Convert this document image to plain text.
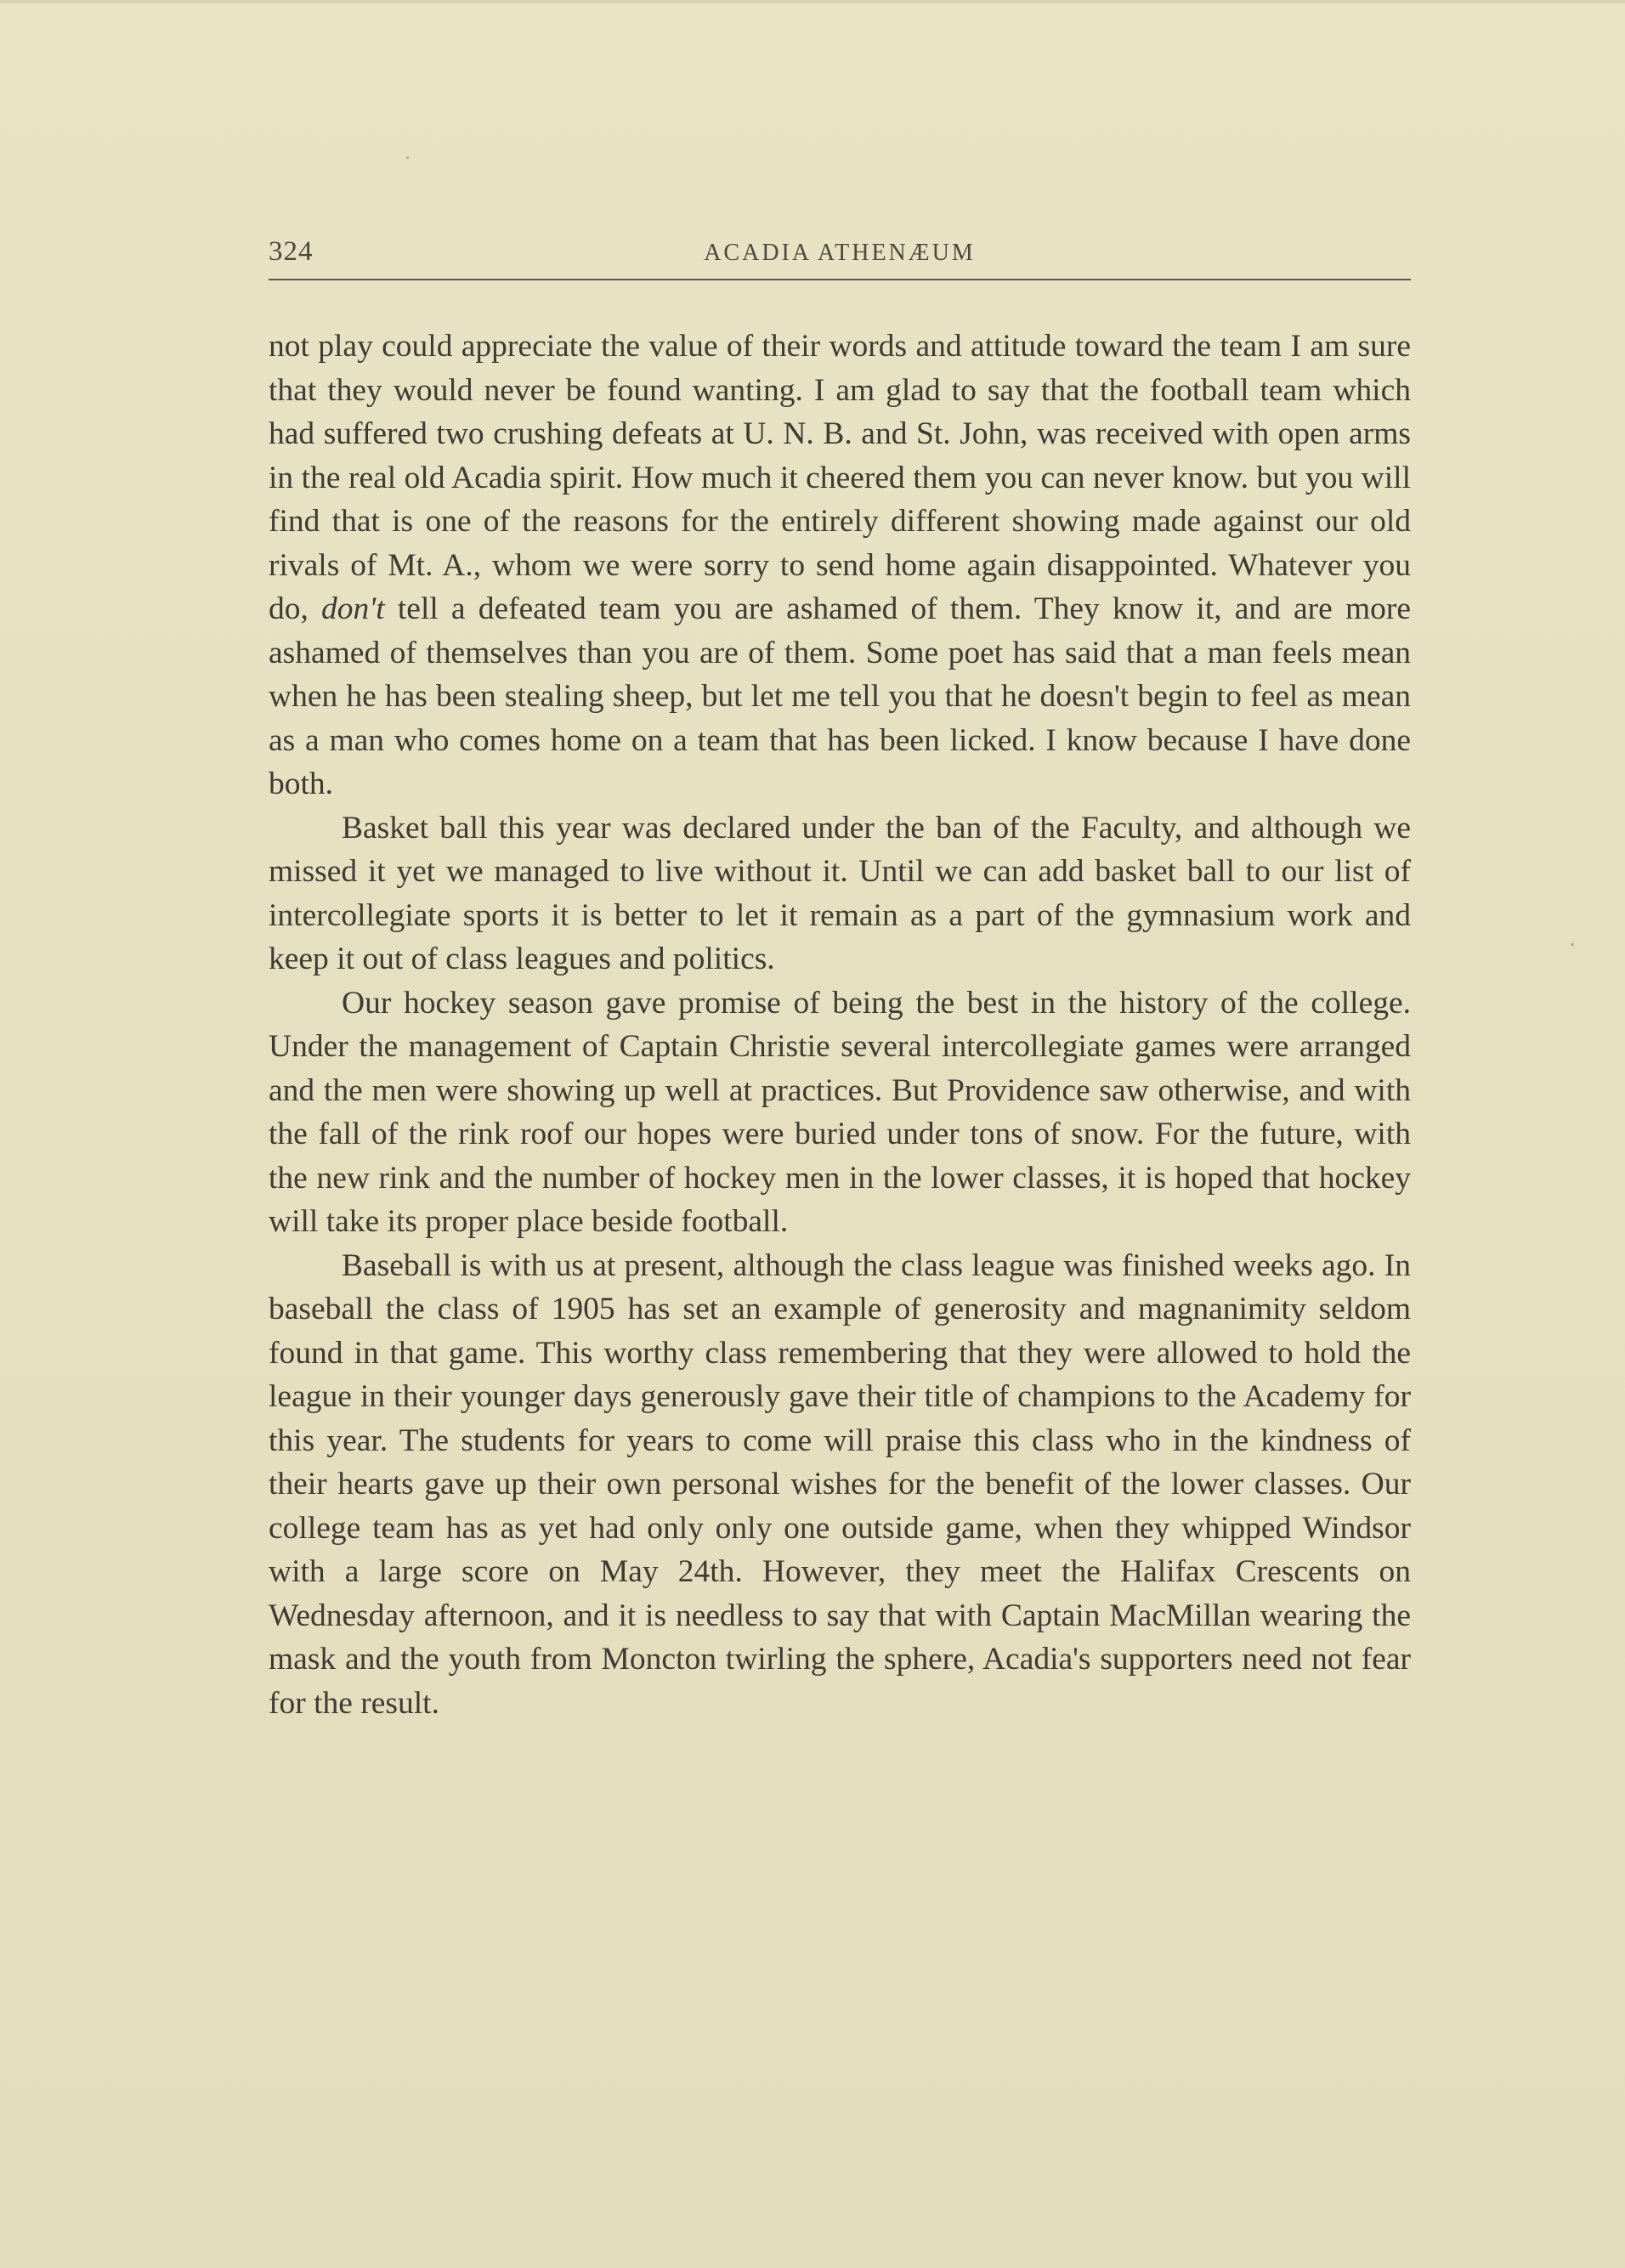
324	ACADIA ATHENÆUM

not play could appreciate the value of their words and attitude toward the team I am sure that they would never be found wanting. I am glad to say that the football team which had suffered two crushing defeats at U. N. B. and St. John, was received with open arms in the real old Acadia spirit. How much it cheered them you can never know. but you will find that is one of the reasons for the entirely different showing made against our old rivals of Mt. A., whom we were sorry to send home again disappointed. Whatever you do, don't tell a defeated team you are ashamed of them. They know it, and are more ashamed of themselves than you are of them. Some poet has said that a man feels mean when he has been stealing sheep, but let me tell you that he doesn't begin to feel as mean as a man who comes home on a team that has been licked. I know because I have done both.

Basket ball this year was declared under the ban of the Faculty, and although we missed it yet we managed to live without it. Until we can add basket ball to our list of intercollegiate sports it is better to let it remain as a part of the gymnasium work and keep it out of class leagues and politics.

Our hockey season gave promise of being the best in the history of the college. Under the management of Captain Christie several intercollegiate games were arranged and the men were showing up well at practices. But Providence saw otherwise, and with the fall of the rink roof our hopes were buried under tons of snow. For the future, with the new rink and the number of hockey men in the lower classes, it is hoped that hockey will take its proper place beside football.

Baseball is with us at present, although the class league was finished weeks ago. In baseball the class of 1905 has set an example of generosity and magnanimity seldom found in that game. This worthy class remembering that they were allowed to hold the league in their younger days generously gave their title of champions to the Academy for this year. The students for years to come will praise this class who in the kindness of their hearts gave up their own personal wishes for the benefit of the lower classes. Our college team has as yet had only only one outside game, when they whipped Windsor with a large score on May 24th. However, they meet the Halifax Crescents on Wednesday afternoon, and it is needless to say that with Captain MacMillan wearing the mask and the youth from Moncton twirling the sphere, Acadia's supporters need not fear for the result.
